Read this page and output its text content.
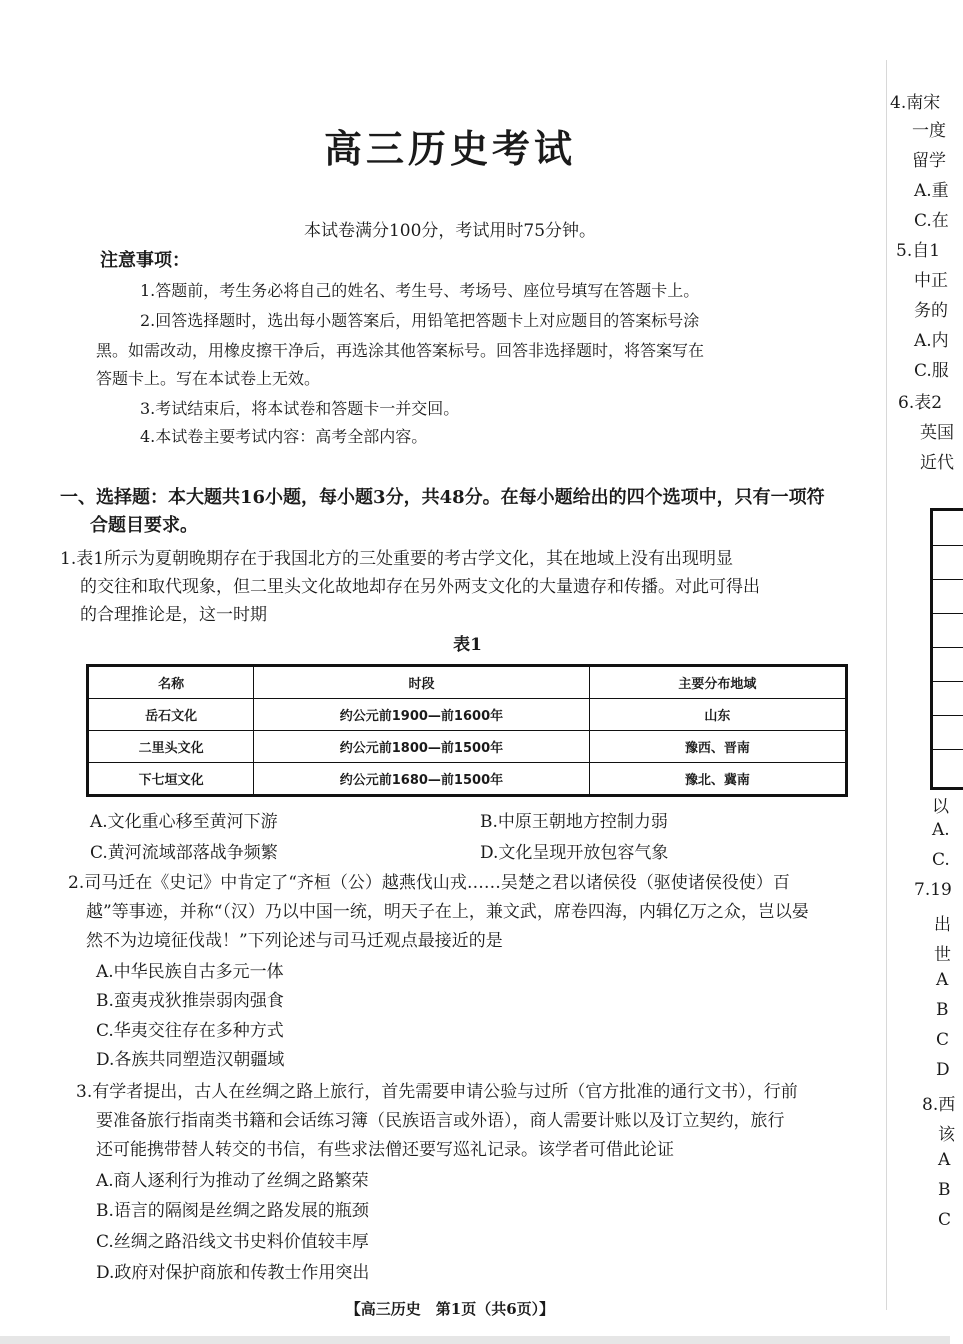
高三历史考试
本试卷满分100分，考试用时75分钟。
注意事项：
1.答题前，考生务必将自己的姓名、考生号、考场号、座位号填写在答题卡上。
2.回答选择题时，选出每小题答案后，用铅笔把答题卡上对应题目的答案标号涂
黑。如需改动，用橡皮擦干净后，再选涂其他答案标号。回答非选择题时，将答案写在
答题卡上。写在本试卷上无效。
3.考试结束后，将本试卷和答题卡一并交回。
4.本试卷主要考试内容：高考全部内容。
一、选择题：本大题共16小题，每小题3分，共48分。在每小题给出的四个选项中，只有一项符
合题目要求。
1.表1所示为夏朝晚期存在于我国北方的三处重要的考古学文化，其在地域上没有出现明显
的交往和取代现象，但二里头文化故地却存在另外两支文化的大量遗存和传播。对此可得出
的合理推论是，这一时期
表1
名称	时段	主要分布地域
岳石文化	约公元前1900—前1600年	山东
二里头文化	约公元前1800—前1500年	豫西、晋南
下七垣文化	约公元前1680—前1500年	豫北、冀南
A.文化重心移至黄河下游	B.中原王朝地方控制力弱
C.黄河流域部落战争频繁	D.文化呈现开放包容气象
2.司马迁在《史记》中肯定了“齐桓（公）越燕伐山戎……吴楚之君以诸侯役（驱使诸侯役使）百
越”等事迹，并称“（汉）乃以中国一统，明天子在上，兼文武，席卷四海，内辑亿万之众，岂以晏
然不为边境征伐哉！”下列论述与司马迁观点最接近的是
A.中华民族自古多元一体
B.蛮夷戎狄推崇弱肉强食
C.华夷交往存在多种方式
D.各族共同塑造汉朝疆域
3.有学者提出，古人在丝绸之路上旅行，首先需要申请公验与过所（官方批准的通行文书），行前
要准备旅行指南类书籍和会话练习簿（民族语言或外语），商人需要计账以及订立契约，旅行
还可能携带替人转交的书信，有些求法僧还要写巡礼记录。该学者可借此论证
A.商人逐利行为推动了丝绸之路繁荣
B.语言的隔阂是丝绸之路发展的瓶颈
C.丝绸之路沿线文书史料价值较丰厚
D.政府对保护商旅和传教士作用突出
【高三历史　第1页（共6页）】
4.南宋
一度
留学
A.重
C.在
5.自1
中正
务的
A.内
C.服
6.表2
英国
近代
以
A.
C.
7.19
出
世
A
B
C
D
8.西
该
A
B
C
